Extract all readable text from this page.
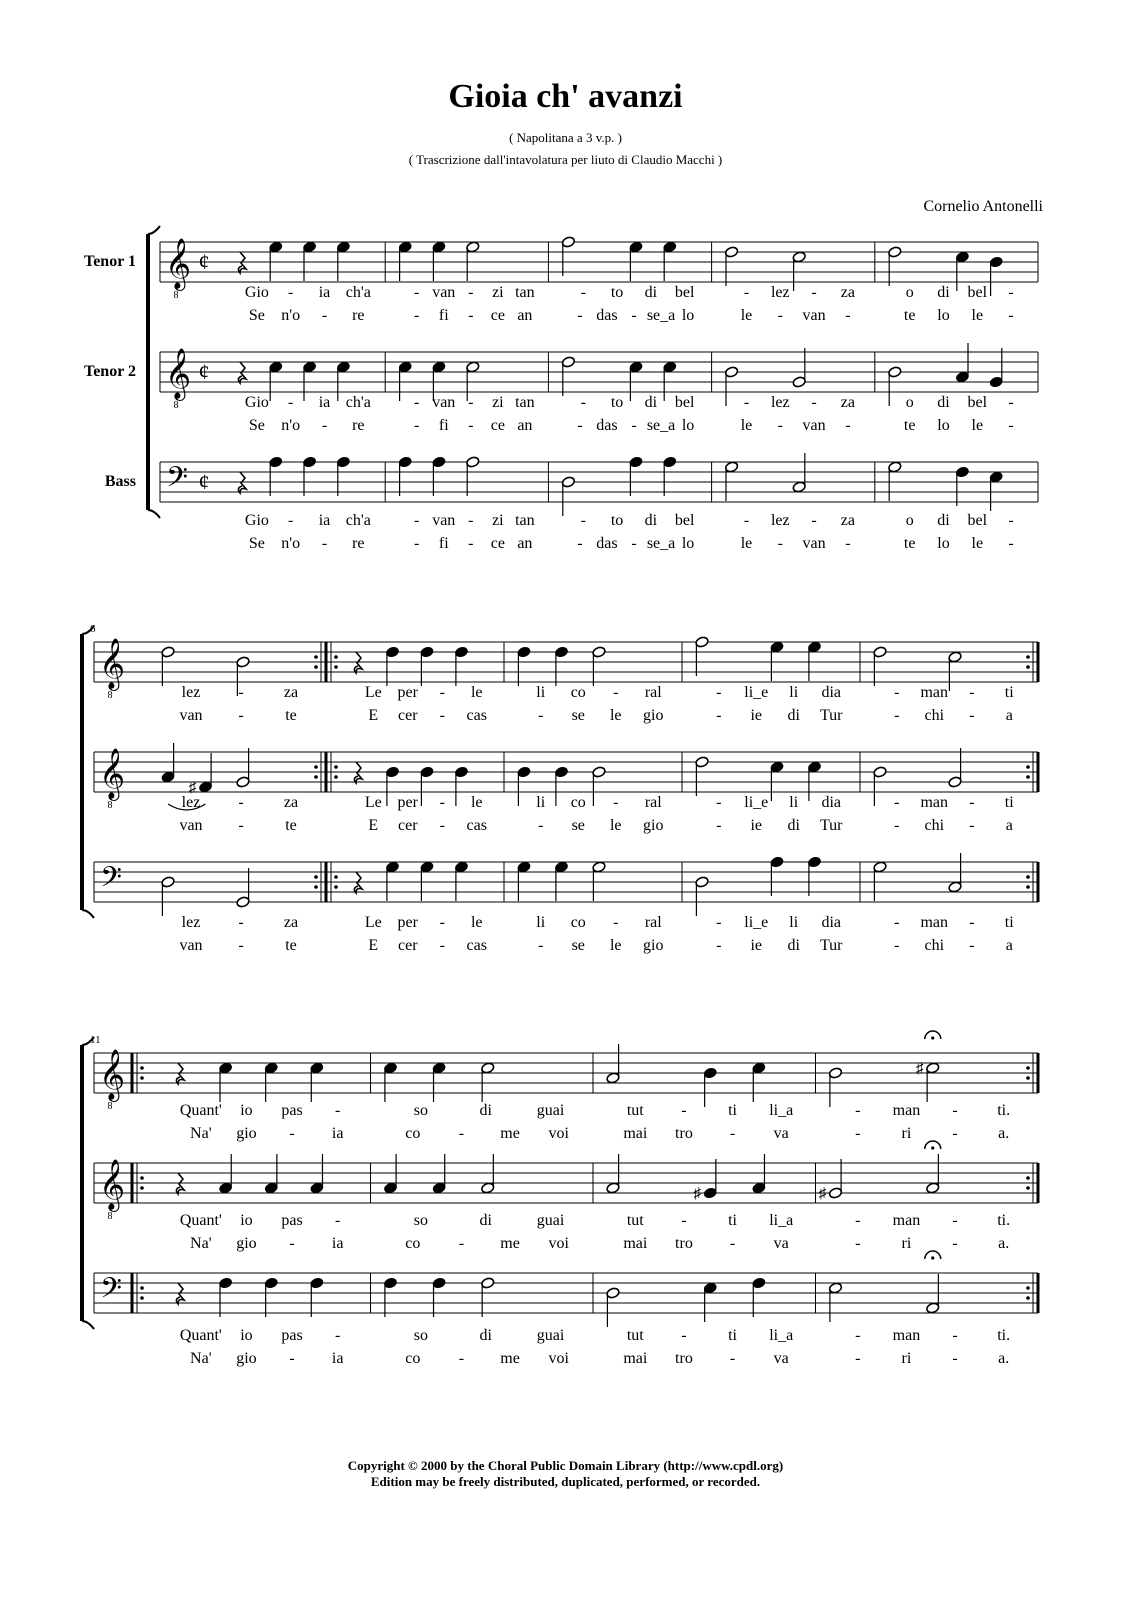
Gioia ch' avanzi
( Napolitana a 3 v.p. )
( Trascrizione dall'intavolatura per liuto di Claudio Macchi )
Cornelio Antonelli
Tenor 1 𝄞
8
¢
Tenor 2 𝄞
8
¢
Bass 𝄢 ¢
Gio - ia ch'a
Se n'o - re
Gio - ia ch'a
Se n'o - re
Gio - ia ch'a
Se n'o - re
- van - zi tan
- fi - ce an
- van - zi tan
- fi - ce an
- van - zi tan
- fi - ce an
- to di bel
- das - se_a lo
- to di bel
- das - se_a lo
- to di bel
- das - se_a lo
- lez - za
le - van -
- lez - za
le - van -
- lez - za
le - van -
o di bel -
te lo le -
o di bel -
te lo le -
o di bel -
te lo le -
6
𝄞
8
𝄞
8
𝄢
lez -	za
van -	te
♯
lez -	za
van -	te
lez -	za
van -	te
Le per - le
E cer - cas
Le per - le
E cer - cas
Le per - le
E cer - cas
li co - ral
- se le gio
li co - ral
- se le gio
li co - ral
- se le gio
- li_e li dia
- ie di Tur
- li_e li dia
- ie di Tur
- li_e li dia
- ie di Tur
- man - ti
- chi - a
- man - ti
- chi - a
- man - ti
- chi - a
11
𝄞
8
𝄞
8
𝄢
Quant' io pas -
Na' gio - ia
Quant' io pas -
Na' gio - ia
Quant' io pas -
Na' gio - ia
so	di	guai
co - me voi
so	di	guai
co - me voi
so	di	guai
co - me voi
tut -	ti li_a
mai tro - va
♯
tut -	ti li_a
mai tro - va
tut -	ti li_a
mai tro - va
♯
- man - ti.
-	ri	-	a.
♯
- man - ti.
-	ri	-	a.
- man - ti.
-	ri	-	a.
Copyright © 2000 by the Choral Public Domain Library (http://www.cpdl.org)
Edition may be freely distributed, duplicated, performed, or recorded.
